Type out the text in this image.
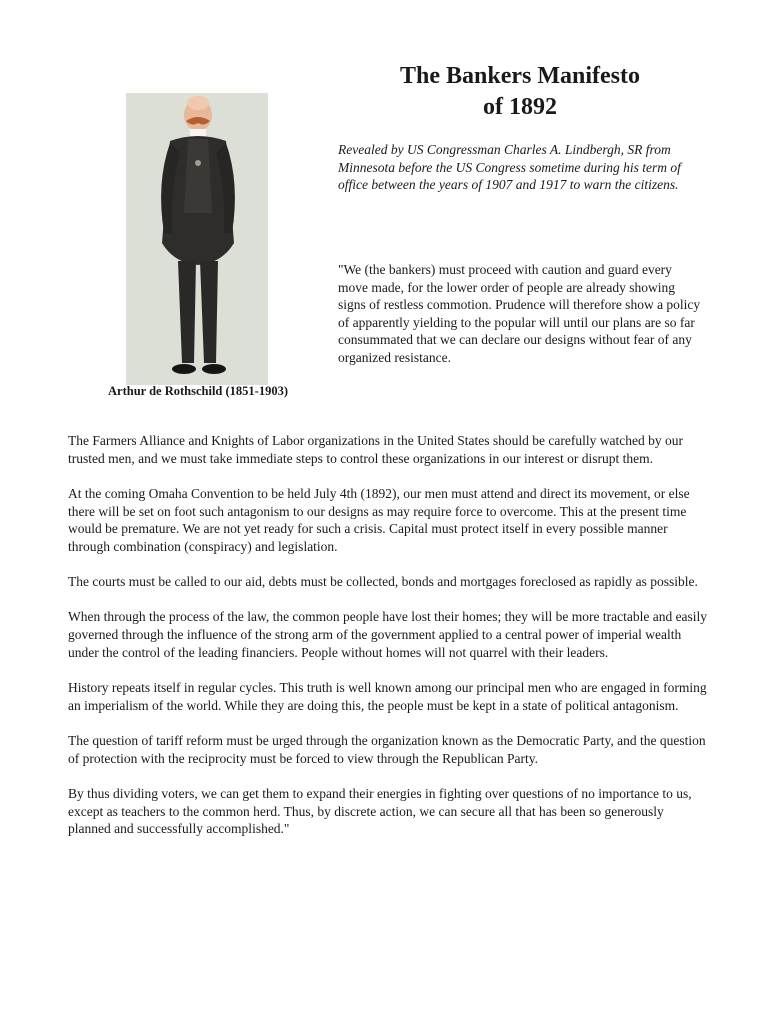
Arthur de Rothschild (1851-1903)
The Bankers Manifesto
of 1892

Revealed by US Congressman Charles A. Lindbergh, SR from Minnesota before the US Congress sometime during his term of office between the years of 1907 and 1917 to warn the citizens.

"We (the bankers) must proceed with caution and guard every move made, for the lower order of people are already showing signs of restless commotion. Prudence will therefore show a policy of apparently yielding to the popular will until our plans are so far consummated that we can declare our designs without fear of any organized resistance.

The Farmers Alliance and Knights of Labor organizations in the United States should be carefully watched by our trusted men, and we must take immediate steps to control these organizations in our interest or disrupt them.

At the coming Omaha Convention to be held July 4th (1892), our men must attend and direct its movement, or else there will be set on foot such antagonism to our designs as may require force to overcome. This at the present time would be premature. We are not yet ready for such a crisis. Capital must protect itself in every possible manner through combination (conspiracy) and legislation.

The courts must be called to our aid, debts must be collected, bonds and mortgages foreclosed as rapidly as possible.

When through the process of the law, the common people have lost their homes; they will be more tractable and easily governed through the influence of the strong arm of the government applied to a central power of imperial wealth under the control of the leading financiers. People without homes will not quarrel with their leaders.

History repeats itself in regular cycles. This truth is well known among our principal men who are engaged in forming an imperialism of the world. While they are doing this, the people must be kept in a state of political antagonism.

The question of tariff reform must be urged through the organization known as the Democratic Party, and the question of protection with the reciprocity must be forced to view through the Republican Party.

By thus dividing voters, we can get them to expand their energies in fighting over questions of no importance to us, except as teachers to the common herd. Thus, by discrete action, we can secure all that has been so generously planned and successfully accomplished."
